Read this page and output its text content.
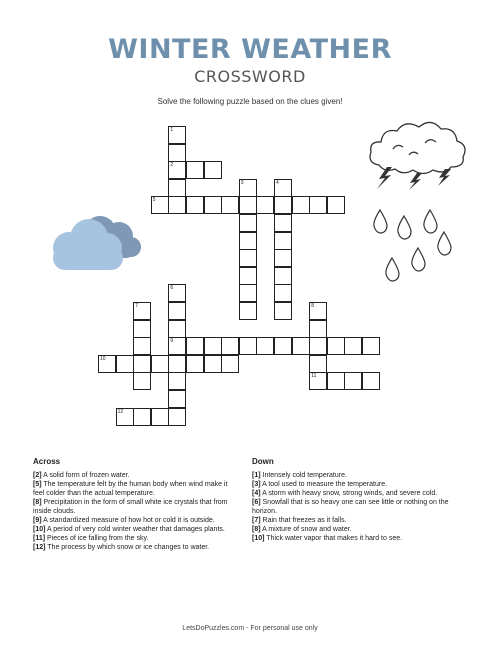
WINTER WEATHER
CROSSWORD
Solve the following puzzle based on the clues given!
1
2
3	4
5
6
9
7	8
10
11
12
Across
[2] A solid form of frozen water.
[5] The temperature felt by the human body when wind make it feel colder than the actual temperature.
[8] Precipitation in the form of small white ice crystals that from inside clouds.
[9] A standardized measure of how hot or cold it is outside.
[10] A period of very cold winter weather that damages plants.
[11] Pieces of ice falling from the sky.
[12] The process by which snow or ice changes to water.
Down
[1] Intensely cold temperature.
[3] A tool used to measure the temperature.
[4] A storm with heavy snow, strong winds, and severe cold.
[6] Snowfall that is so heavy one can see little or nothing on the horizon.
[7] Rain that freezes as it falls.
[8] A mixture of snow and water.
[10] Thick water vapor that makes it hard to see.
LetsDoPuzzles.com - For personal use only
